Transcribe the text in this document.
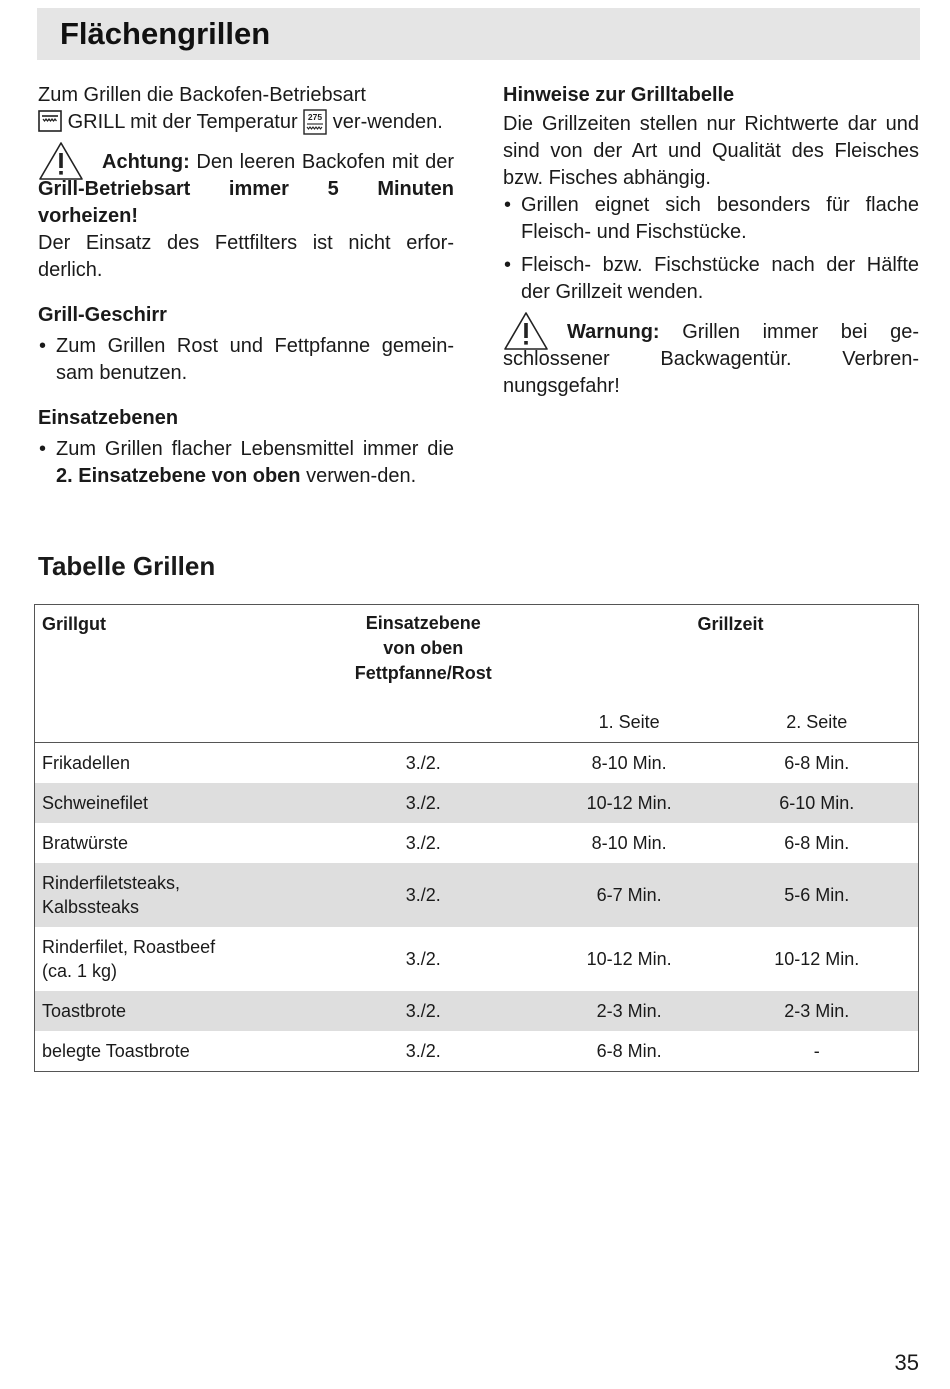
Flächengrillen

Zum Grillen die Backofen-Betriebsart
GRILL mit der Temperatur 275 ver-wenden.

Achtung: Den leeren Backofen mit der Grill-Betriebsart immer 5 Minuten vorheizen!

Der Einsatz des Fettfilters ist nicht erfor-derlich.

Grill-Geschirr

• Zum Grillen Rost und Fettpfanne gemein-sam benutzen.

Einsatzebenen

• Zum Grillen flacher Lebensmittel immer die 2. Einsatzebene von oben verwen-den.

Hinweise zur Grilltabelle

Die Grillzeiten stellen nur Richtwerte dar und sind von der Art und Qualität des Fleisches bzw. Fisches abhängig.

• Grillen eignet sich besonders für flache Fleisch- und Fischstücke.

• Fleisch- bzw. Fischstücke nach der Hälfte der Grillzeit wenden.

Warnung: Grillen immer bei ge-schlossener Backwagentür. Verbren-nungsgefahr!

Tabelle Grillen
Grillgut	Einsatzebene
von oben
Fettpfanne/Rost	Grillzeit	
		1. Seite	2. Seite
Frikadellen	3./2.	8-10 Min.	6-8 Min.
Schweinefilet	3./2.	10-12 Min.	6-10 Min.
Bratwürste	3./2.	8-10 Min.	6-8 Min.
Rinderfiletsteaks,
Kalbssteaks	3./2.	6-7 Min.	5-6 Min.
Rinderfilet, Roastbeef
(ca. 1 kg)	3./2.	10-12 Min.	10-12 Min.
Toastbrote	3./2.	2-3 Min.	2-3 Min.
belegte Toastbrote	3./2.	6-8 Min.	-
35
